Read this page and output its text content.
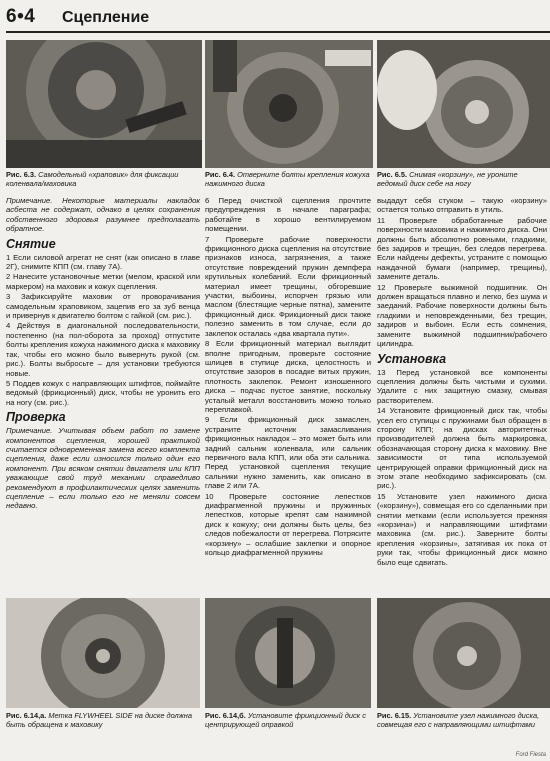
6•4 Сцепление
Рис. 6.3. Самодельный «храповик» для фиксации коленвала/маховика
Рис. 6.4. Отверните болты крепления кожуха нажимного диска
Рис. 6.5. Снимая «корзину», не уроните ведомый диск себе на ногу

Примечание. Некоторые материалы накладок асбеста не содержат, однако в целях сохранения собственного здоровья разумнее предполагать обратное.

Снятие

1 Если силовой агрегат не снят (как описано в главе 2Г), снимите КПП (см. главу 7А).

2 Нанесите установочные метки (мелом, краской или маркером) на маховик и кожух сцепления.

3 Зафиксируйте маховик от проворачивания самодельным храповиком, зацепив его за зуб венца и привернув к двигателю болтом с гайкой (см. рис.).

4 Действуя в диагональной последовательности, постепенно (на пол-оборота за проход) отпустите болты крепления кожуха нажимного диска к маховику так, чтобы его можно было вывернуть рукой (см. рис.). Болты выбросьте – для установки требуются новые.

5 Поддев кожух с направляющих штифтов, поймайте ведомый (фрикционный) диск, чтобы не уронить его на ногу (см. рис.).

Проверка

Примечание. Учитывая объем работ по замене компонентов сцепления, хорошей практикой считается одновременная замена всего комплекта сцепления, даже если износился только один его компонент. При всяком снятии двигателя или КПП уважающие свой труд механики справедливо рекомендуют в профилактических целях заменить сцепление – если только его не меняли совсем недавно.

6 Перед очисткой сцепления прочтите предупреждения в начале параграфа; работайте в хорошо вентилируемом помещении.

7 Проверьте рабочие поверхности фрикционного диска сцепления на отсутствие признаков износа, загрязнения, а также отсутствие повреждений пружин демпфера крутильных колебаний. Если фрикционный материал имеет трещины, обгоревшие участки, выбоины, испорчен грязью или маслом (блестящие черные пятна), замените фрикционный диск. Фрикционный диск также полезно заменить в том случае, если до заклепок осталась «два квартала пути».

8 Если фрикционный материал выглядит вполне пригодным, проверьте состояние шлицев в ступице диска, целостность и отсутствие зазоров в посадке витых пружин, плотность заклепок. Ремонт изношенного диска – подчас пустое занятие, поскольку усталый металл восстановить можно только переплавкой.

9 Если фрикционный диск замаслен, устраните источник замасливания фрикционных накладок – это может быть или задний сальник коленвала, или сальник первичного вала КПП, или оба эти сальника. Перед установкой сцепления текущие сальники нужно заменить, как описано в главе 2 или 7А.

10 Проверьте состояние лепестков диафрагменной пружины и пружинных лепестков, которые крепят сам нажимной диск к кожуху; они должны быть целы, без следов побежалости от перегрева. Потрясите «корзину» – ослабшие заклепки и опорное кольцо диафрагменной пружины

выдадут себя стуком – такую «корзину» остается только отправить в утиль.

11 Проверьте обработанные рабочие поверхности маховика и нажимного диска. Они должны быть абсолютно ровными, гладкими, без задиров и трещин, без следов перегрева. Если найдены дефекты, устраните с помощью наждачной бумаги (например, трещины), замените деталь.

12 Проверьте выжимной подшипник. Он должен вращаться плавно и легко, без шума и заеданий. Рабочие поверхности должны быть гладкими и неповрежденными, без трещин, задиров и выбоин. Если есть сомнения, замените выжимной подшипник/рабочего цилиндра.

Установка

13 Перед установкой все компоненты сцепления должны быть чистыми и сухими. Удалите с них защитную смазку, смывая растворителем.

14 Установите фрикционный диск так, чтобы усел его ступицы с пружинами был обращен в сторону КПП; на дисках авторитетных производителей должна быть маркировка, обозначающая сторону диска к маховику. Вне зависимости от типа используемой центрирующей оправки фрикционный диск на этом этапе необходимо зафиксировать (см. рис.).

15 Установите узел нажимного диска («корзину»), совмещая его со сделанными при снятии метками (если используется прежняя «корзина») и направляющими штифтами маховика (см. рис.). Заверните болты крепления «корзины», затягивая их пока от руки так, чтобы фрикционный диск можно было еще сдвигать.

Рис. 6.14,а. Метка FLYWHEEL SIDE на диске должна быть обращена к маховику
Рис. 6.14,б. Установите фрикционный диск с центрирующей оправкой
Рис. 6.15. Установите узел нажимного диска, совмещая его с направляющими штифтами
Ford Fiesta
